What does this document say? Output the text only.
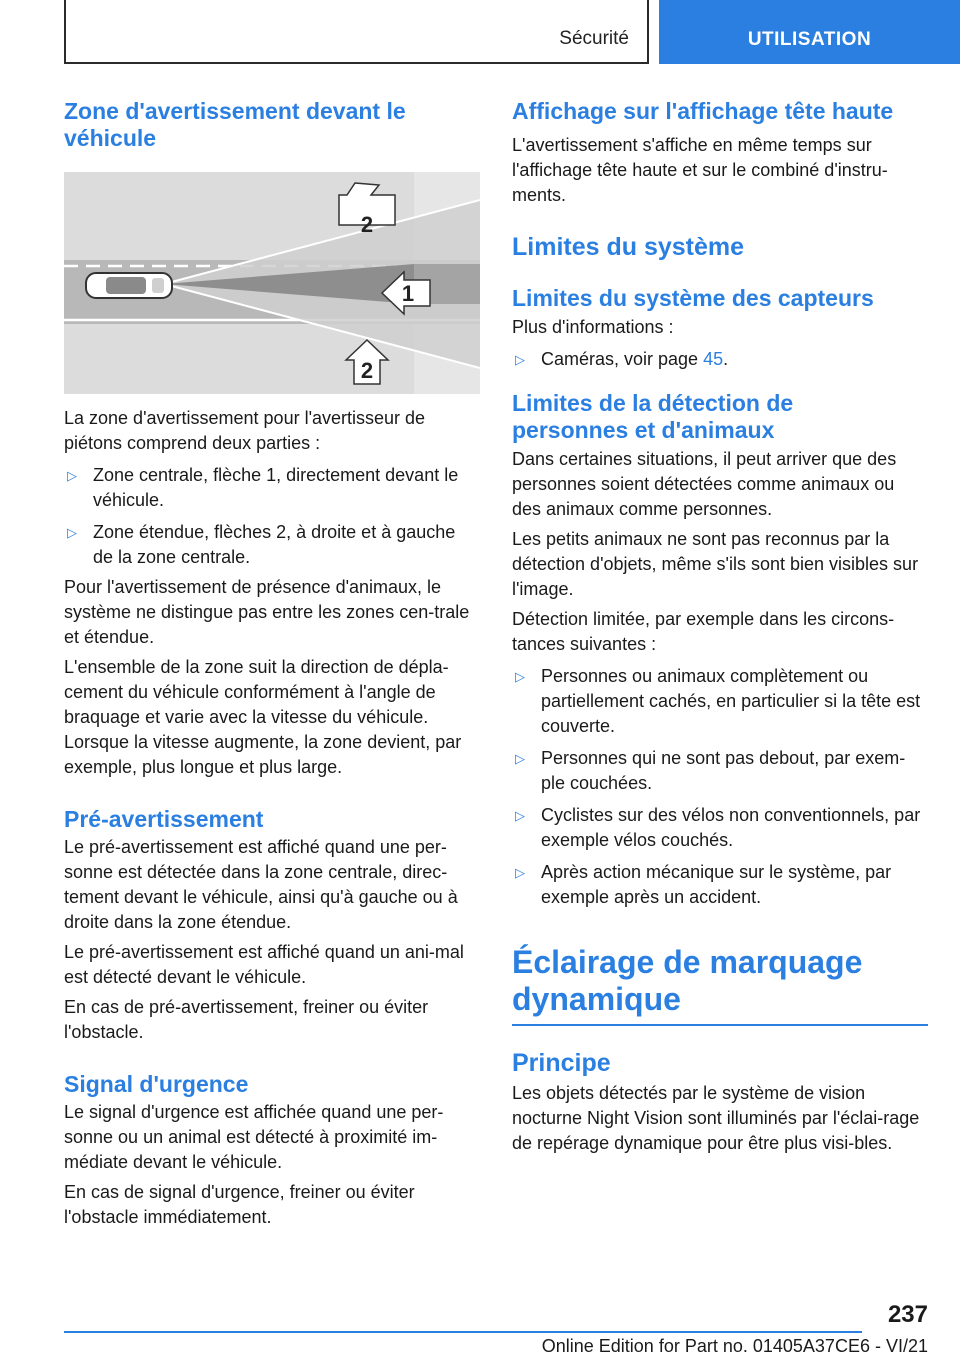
Sécurité	UTILISATION
Zone d'avertissement devant le véhicule
2
1
2

La zone d'avertissement pour l'avertisseur de piétons comprend deux parties :

▷ Zone centrale, flèche 1, directement devant le véhicule.
▷ Zone étendue, flèches 2, à droite et à gauche de la zone centrale.

Pour l'avertissement de présence d'animaux, le système ne distingue pas entre les zones cen-trale et étendue.

L'ensemble de la zone suit la direction de dépla-cement du véhicule conformément à l'angle de braquage et varie avec la vitesse du véhicule. Lorsque la vitesse augmente, la zone devient, par exemple, plus longue et plus large.

Pré-avertissement

Le pré-avertissement est affiché quand une per-sonne est détectée dans la zone centrale, direc-tement devant le véhicule, ainsi qu'à gauche ou à droite dans la zone étendue.

Le pré-avertissement est affiché quand un ani-mal est détecté devant le véhicule.

En cas de pré-avertissement, freiner ou éviter l'obstacle.

Signal d'urgence

Le signal d'urgence est affichée quand une per-sonne ou un animal est détecté à proximité im-médiate devant le véhicule.

En cas de signal d'urgence, freiner ou éviter l'obstacle immédiatement.

Affichage sur l'affichage tête haute

L'avertissement s'affiche en même temps sur l'affichage tête haute et sur le combiné d'instru-ments.

Limites du système
Limites du système des capteurs

Plus d'informations :

▷ Caméras, voir page 45.
Limites de la détection de personnes et d'animaux

Dans certaines situations, il peut arriver que des personnes soient détectées comme animaux ou des animaux comme personnes.

Les petits animaux ne sont pas reconnus par la détection d'objets, même s'ils sont bien visibles sur l'image.

Détection limitée, par exemple dans les circons-tances suivantes :

▷ Personnes ou animaux complètement ou partiellement cachés, en particulier si la tête est couverte.
▷ Personnes qui ne sont pas debout, par exem-ple couchées.
▷ Cyclistes sur des vélos non conventionnels, par exemple vélos couchés.
▷ Après action mécanique sur le système, par exemple après un accident.
Éclairage de marquage dynamique
Principe

Les objets détectés par le système de vision nocturne Night Vision sont illuminés par l'éclai-rage de repérage dynamique pour être plus visi-bles.

237
Online Edition for Part no. 01405A37CE6 - VI/21
